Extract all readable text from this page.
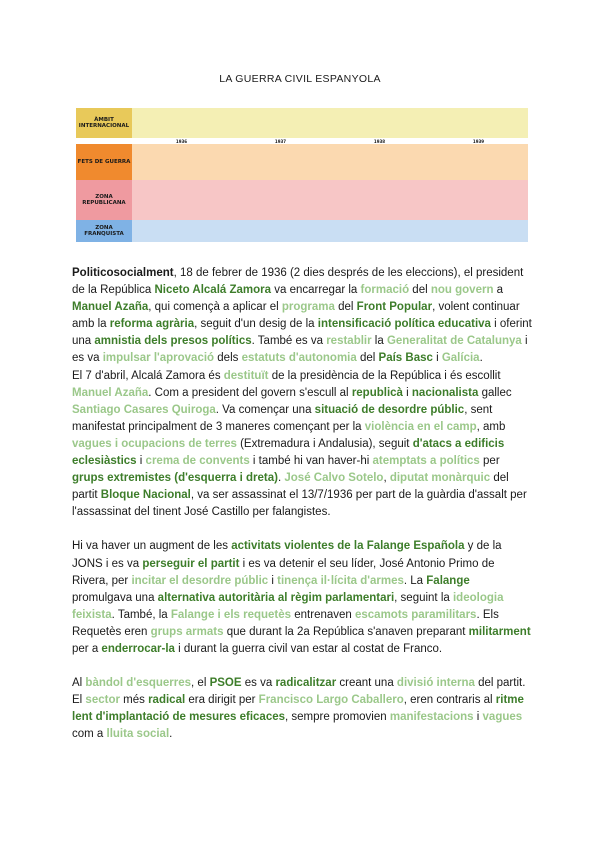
LA GUERRA CIVIL ESPANYOLA
ÀMBIT INTERNACIONAL
1936	1937	1938	1939
FETS DE GUERRA
ZONA REPUBLICANA
ZONA FRANQUISTA

Politicosocialment, 18 de febrer de 1936 (2 dies després de les eleccions), el president de la República Niceto Alcalá Zamora va encarregar la formació del nou govern a Manuel Azaña, qui començà a aplicar el programa del Front Popular, volent continuar amb la reforma agrària, seguit d'un desig de la intensificació política educativa i oferint una amnistia dels presos polítics. També es va restablir la Generalitat de Catalunya i es va impulsar l'aprovació dels estatuts d'autonomia del País Basc i Galícia.
El 7 d'abril, Alcalá Zamora és destituït de la presidència de la República i és escollit Manuel Azaña. Com a president del govern s'escull al republicà i nacionalista gallec Santiago Casares Quiroga. Va començar una situació de desordre públic, sent manifestat principalment de 3 maneres començant per la violència en el camp, amb vagues i ocupacions de terres (Extremadura i Andalusia), seguit d'atacs a edificis eclesiàstics i crema de convents i també hi van haver-hi atemptats a polítics per grups extremistes (d'esquerra i dreta). José Calvo Sotelo, diputat monàrquic del partit Bloque Nacional, va ser assassinat el 13/7/1936 per part de la guàrdia d'assalt per l'assassinat del tinent José Castillo per falangistes.

Hi va haver un augment de les activitats violentes de la Falange Española y de la JONS i es va perseguir el partit i es va detenir el seu líder, José Antonio Primo de Rivera, per incitar el desordre públic i tinença il·lícita d'armes. La Falange promulgava una alternativa autoritària al règim parlamentari, seguint la ideologia feixista. També, la Falange i els requetès entrenaven escamots paramilitars. Els Requetès eren grups armats que durant la 2a República s'anaven preparant militarment per a enderrocar-la i durant la guerra civil van estar al costat de Franco.

Al bàndol d'esquerres, el PSOE es va radicalitzar creant una divisió interna del partit. El sector més radical era dirigit per Francisco Largo Caballero, eren contraris al ritme lent d'implantació de mesures eficaces, sempre promovien manifestacions i vagues com a lluita social.
